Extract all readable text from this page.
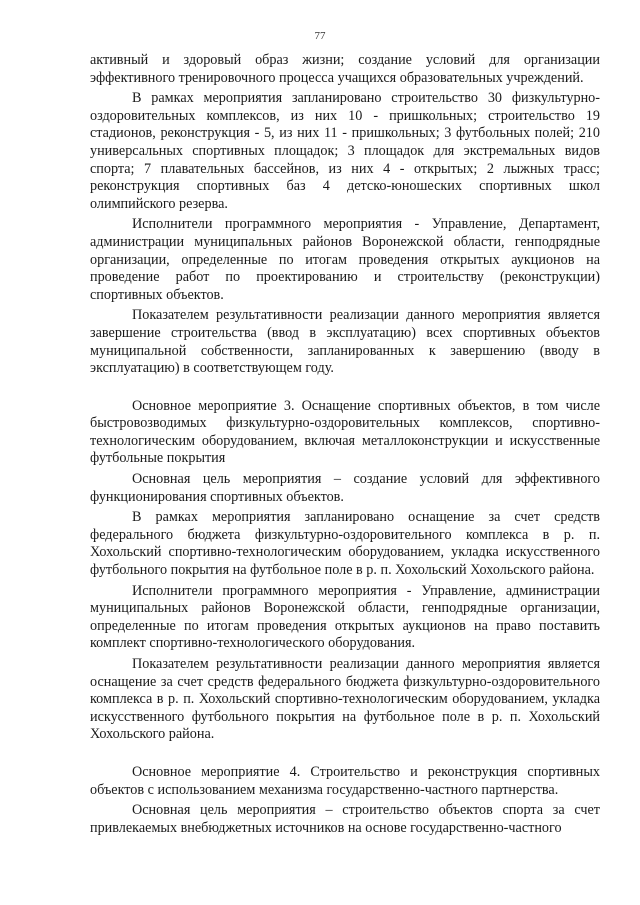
77

активный и здоровый образ жизни; создание условий для организации эффективного тренировочного процесса учащихся образовательных учреждений.

В рамках мероприятия запланировано строительство 30 физкультурно-оздоровительных комплексов, из них 10 - пришкольных; строительство 19 стадионов, реконструкция - 5, из них 11 - пришкольных; 3 футбольных полей; 210 универсальных спортивных площадок; 3 площадок для экстремальных видов спорта; 7 плавательных бассейнов, из них 4 - открытых; 2 лыжных трасс; реконструкция спортивных баз 4 детско-юношеских спортивных школ олимпийского резерва.

Исполнители программного мероприятия - Управление, Департамент, администрации муниципальных районов Воронежской области, генподрядные организации, определенные по итогам проведения открытых аукционов на проведение работ по проектированию и строительству (реконструкции) спортивных объектов.

Показателем результативности реализации данного мероприятия является завершение строительства (ввод в эксплуатацию) всех спортивных объектов муниципальной собственности, запланированных к завершению (вводу в эксплуатацию) в соответствующем году.

Основное мероприятие 3. Оснащение спортивных объектов, в том числе быстровозводимых физкультурно-оздоровительных комплексов, спортивно-технологическим оборудованием, включая металлоконструкции и искусственные футбольные покрытия

Основная цель мероприятия – создание условий для эффективного функционирования спортивных объектов.

В рамках мероприятия запланировано оснащение за счет средств федерального бюджета физкультурно-оздоровительного комплекса в р. п. Хохольский спортивно-технологическим оборудованием, укладка искусственного футбольного покрытия на футбольное поле в р. п. Хохольский Хохольского района.

Исполнители программного мероприятия - Управление, администрации муниципальных районов Воронежской области, генподрядные организации, определенные по итогам проведения открытых аукционов на право поставить комплект спортивно-технологического оборудования.

Показателем результативности реализации данного мероприятия является оснащение за счет средств федерального бюджета физкультурно-оздоровительного комплекса в р. п. Хохольский спортивно-технологическим оборудованием, укладка искусственного футбольного покрытия на футбольное поле в р. п. Хохольский Хохольского района.

Основное мероприятие 4. Строительство и реконструкция спортивных объектов с использованием механизма государственно-частного партнерства.

Основная цель мероприятия – строительство объектов спорта за счет привлекаемых внебюджетных источников на основе государственно-частного
